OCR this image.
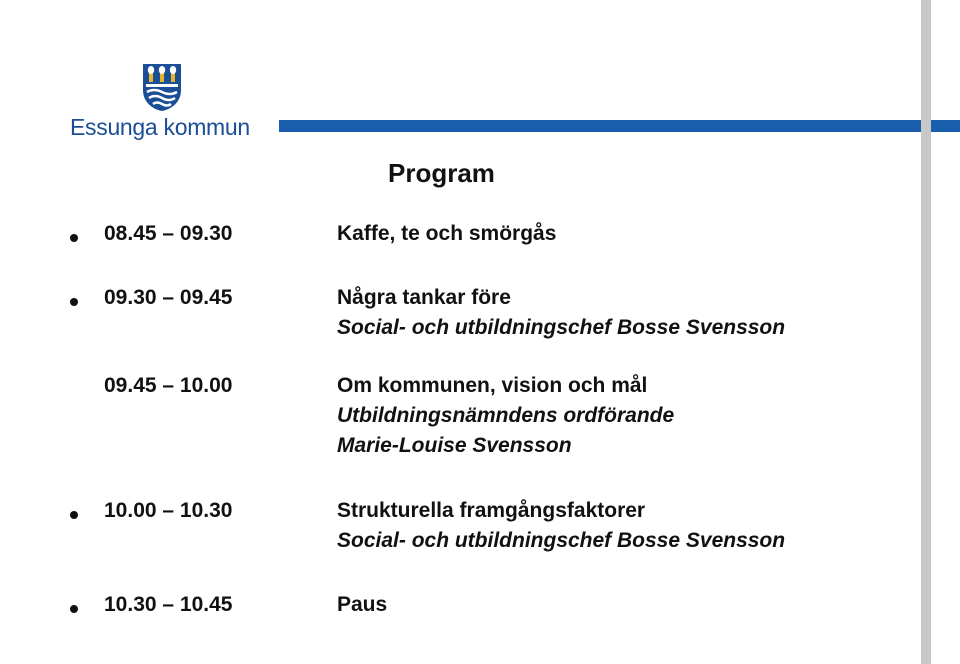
Essunga kommun
Program
08.45 – 09.30	Kaffe, te och smörgås
09.30 – 09.45	Några tankar före
Social- och utbildningschef Bosse Svensson
09.45 – 10.00	Om kommunen, vision och mål
Utbildningsnämndens ordförande
Marie-Louise Svensson
10.00 – 10.30	Strukturella framgångsfaktorer
Social- och utbildningschef Bosse Svensson
10.30 – 10.45	Paus
